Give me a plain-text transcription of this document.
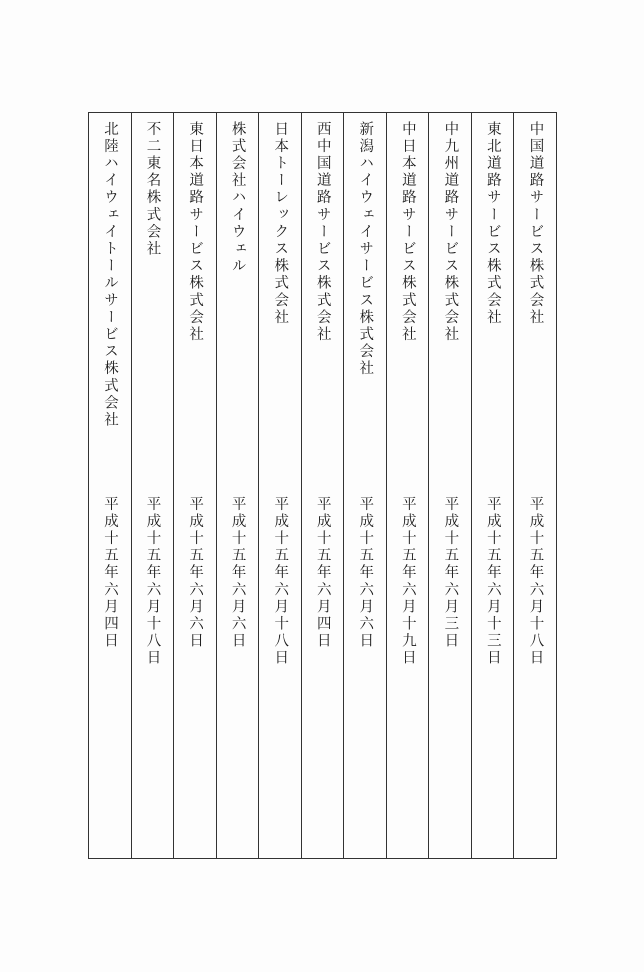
中国道路サービス株式会社
平成十五年六月十八日
東北道路サービス株式会社
平成十五年六月十三日
中九州道路サービス株式会社
平成十五年六月三日
中日本道路サービス株式会社
平成十五年六月十九日
新潟ハイウェイサービス株式会社
平成十五年六月六日
西中国道路サービス株式会社
平成十五年六月四日
日本トーレックス株式会社
平成十五年六月十八日
株式会社ハイウェル
平成十五年六月六日
東日本道路サービス株式会社
平成十五年六月六日
不二東名株式会社
平成十五年六月十八日
北陸ハイウェイトールサービス株式会社
平成十五年六月四日
